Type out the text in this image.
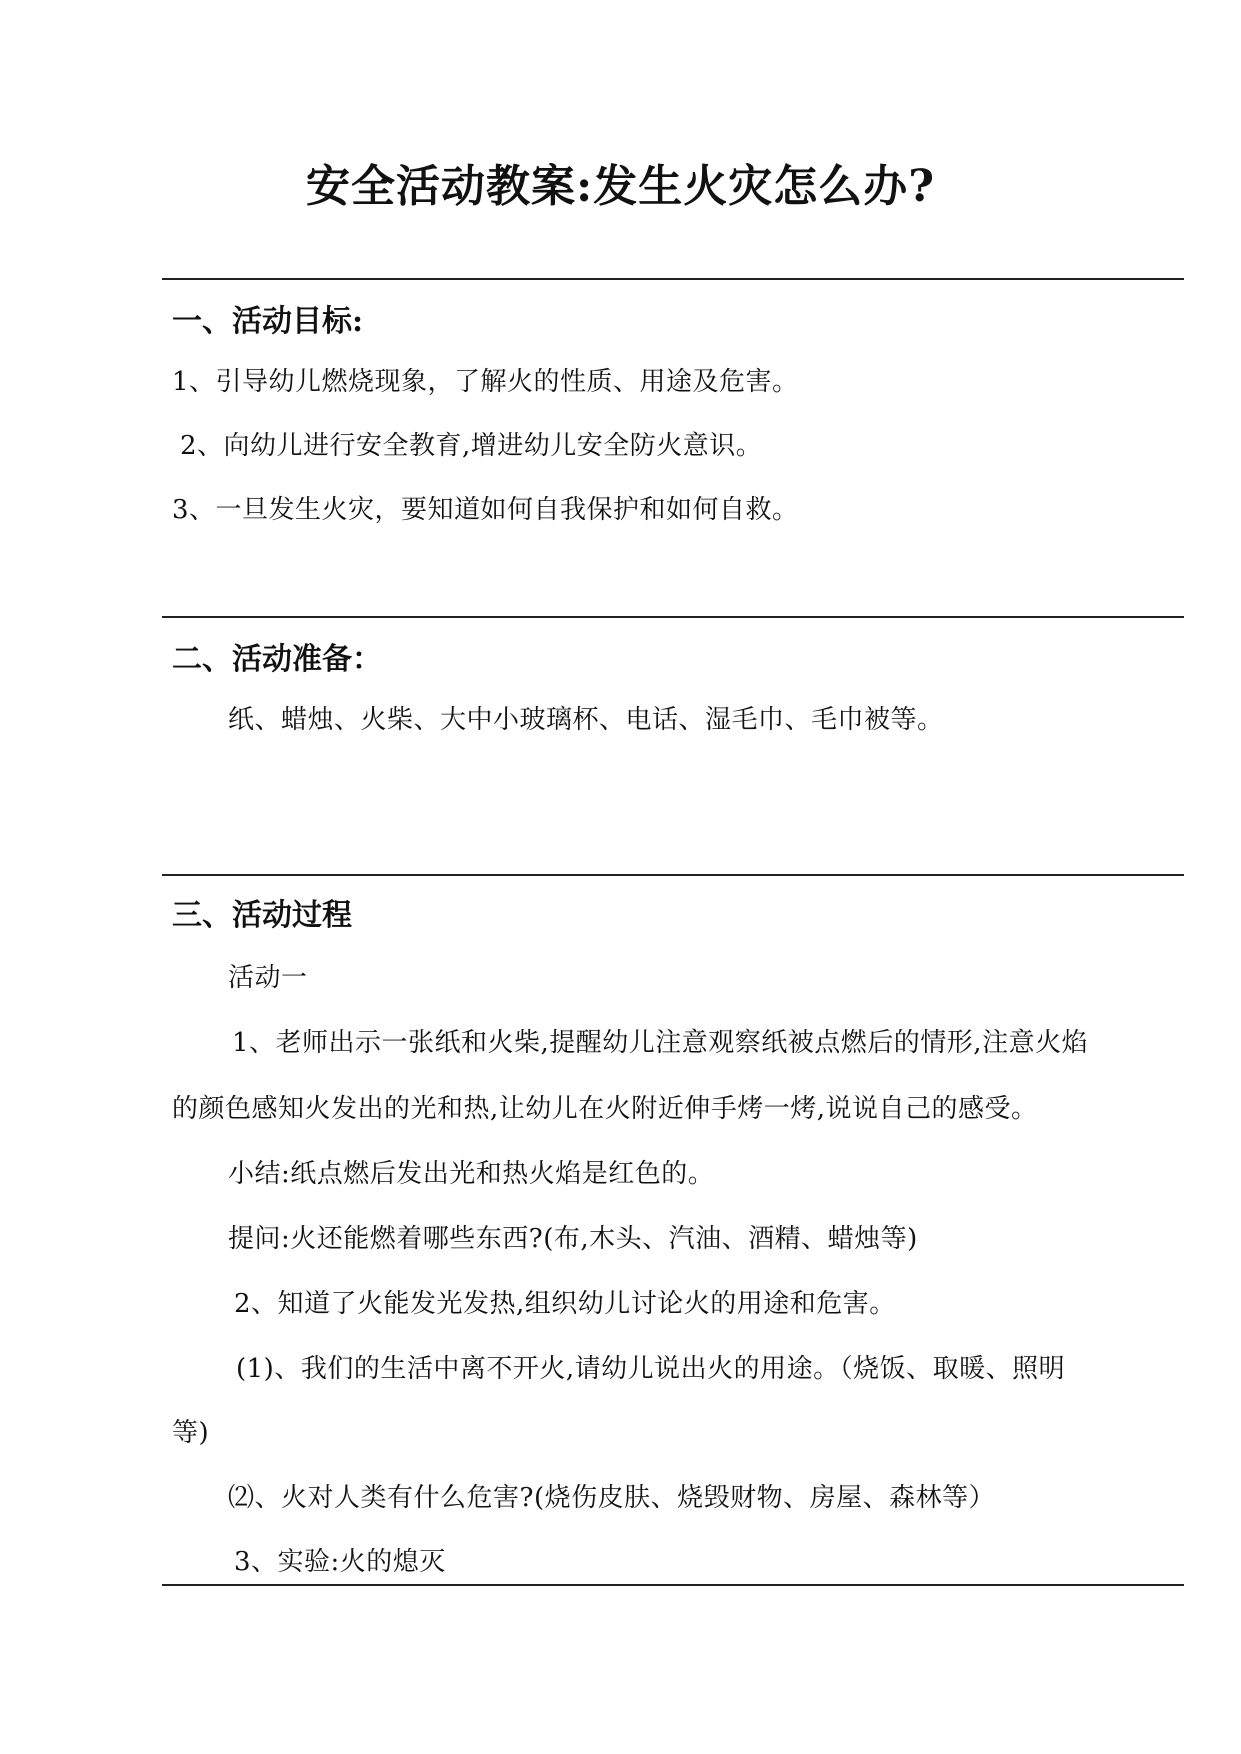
安全活动教案:发生火灾怎么办?
一、活动目标:
1、引导幼儿燃烧现象，了解火的性质、用途及危害。
2、向幼儿进行安全教育,增进幼儿安全防火意识。
3、一旦发生火灾，要知道如何自我保护和如何自救。
二、活动准备：
纸、蜡烛、火柴、大中小玻璃杯、电话、湿毛巾、毛巾被等。
三、活动过程
活动一
1、老师出示一张纸和火柴,提醒幼儿注意观察纸被点燃后的情形,注意火焰
的颜色感知火发出的光和热,让幼儿在火附近伸手烤一烤,说说自己的感受。
小结:纸点燃后发出光和热火焰是红色的。
提问:火还能燃着哪些东西?(布,木头、汽油、酒精、蜡烛等)
2、知道了火能发光发热,组织幼儿讨论火的用途和危害。
(1)、我们的生活中离不开火,请幼儿说出火的用途。（烧饭、取暖、照明
等)
⑵、火对人类有什么危害?(烧伤皮肤、烧毁财物、房屋、森林等）
3、实验:火的熄灭
